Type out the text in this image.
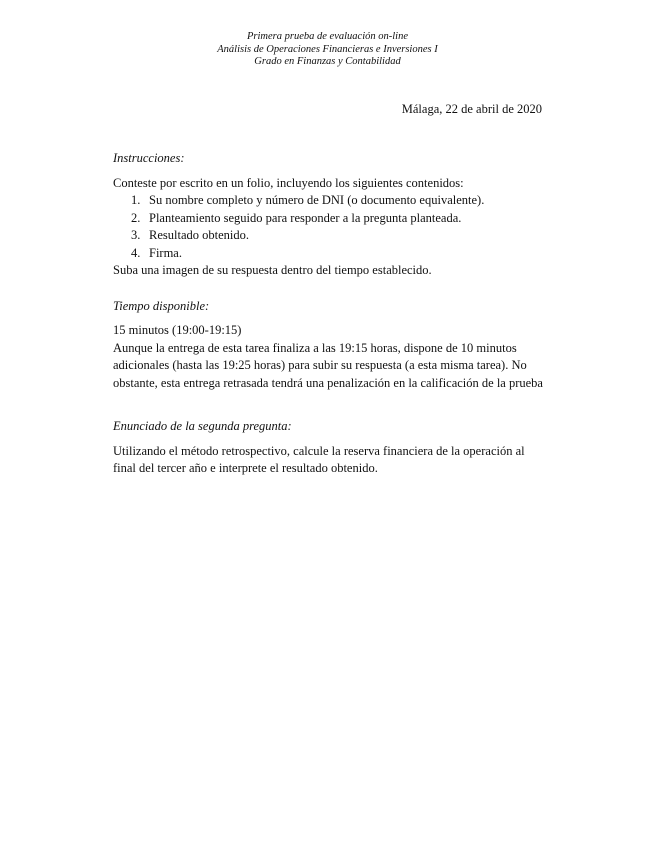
Primera prueba de evaluación on-line
Análisis de Operaciones Financieras e Inversiones I
Grado en Finanzas y Contabilidad
Málaga, 22 de abril de 2020

Instrucciones:

Conteste por escrito en un folio, incluyendo los siguientes contenidos:

1. Su nombre completo y número de DNI (o documento equivalente).
2. Planteamiento seguido para responder a la pregunta planteada.
3. Resultado obtenido.
4. Firma.

Suba una imagen de su respuesta dentro del tiempo establecido.

Tiempo disponible:

15 minutos (19:00-19:15)

Aunque la entrega de esta tarea finaliza a las 19:15 horas, dispone de 10 minutos adicionales (hasta las 19:25 horas) para subir su respuesta (a esta misma tarea). No obstante, esta entrega retrasada tendrá una penalización en la calificación de la prueba

Enunciado de la segunda pregunta:

Utilizando el método retrospectivo, calcule la reserva financiera de la operación al final del tercer año e interprete el resultado obtenido.
